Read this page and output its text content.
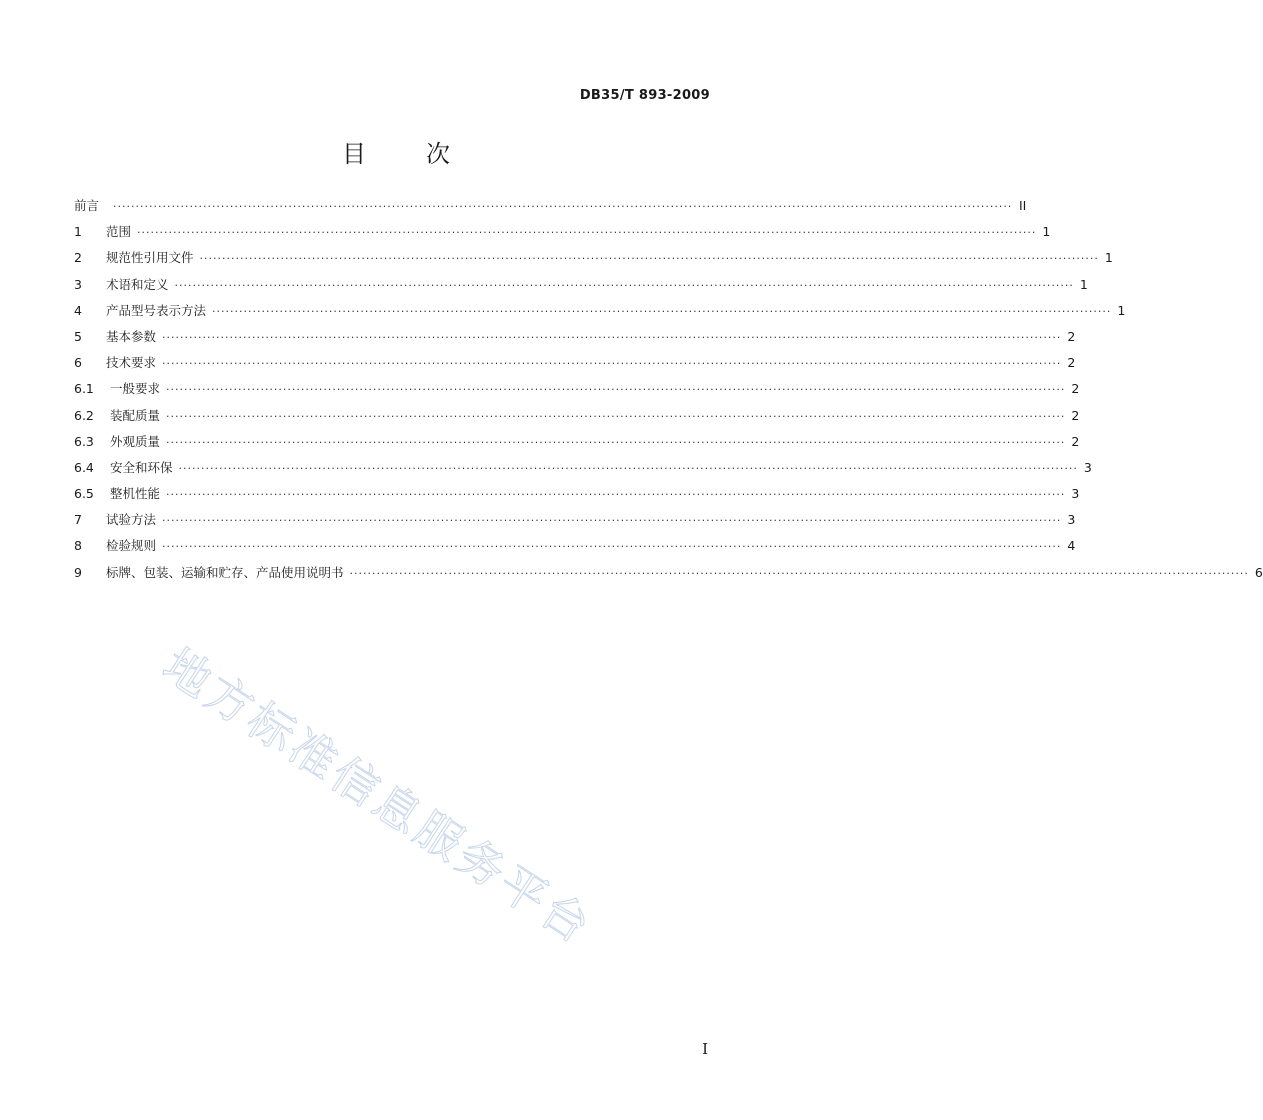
DB35/T 893-2009
目	次
前言	········································································································································································································ II
1	范围 ········································································································································································································ 1
2	规范性引用文件 ········································································································································································································ 1
3	术语和定义 ········································································································································································································ 1
4	产品型号表示方法 ········································································································································································································ 1
5	基本参数 ········································································································································································································ 2
6	技术要求 ········································································································································································································ 2
6.1	一般要求 ········································································································································································································ 2
6.2	装配质量 ········································································································································································································ 2
6.3	外观质量 ········································································································································································································ 2
6.4	安全和环保 ········································································································································································································ 3
6.5	整机性能 ········································································································································································································ 3
7	试验方法 ········································································································································································································ 3
8	检验规则 ········································································································································································································ 4
9	标牌、包装、运输和贮存、产品使用说明书 ········································································································································································································ 6
地方标准信息服务平台
I
